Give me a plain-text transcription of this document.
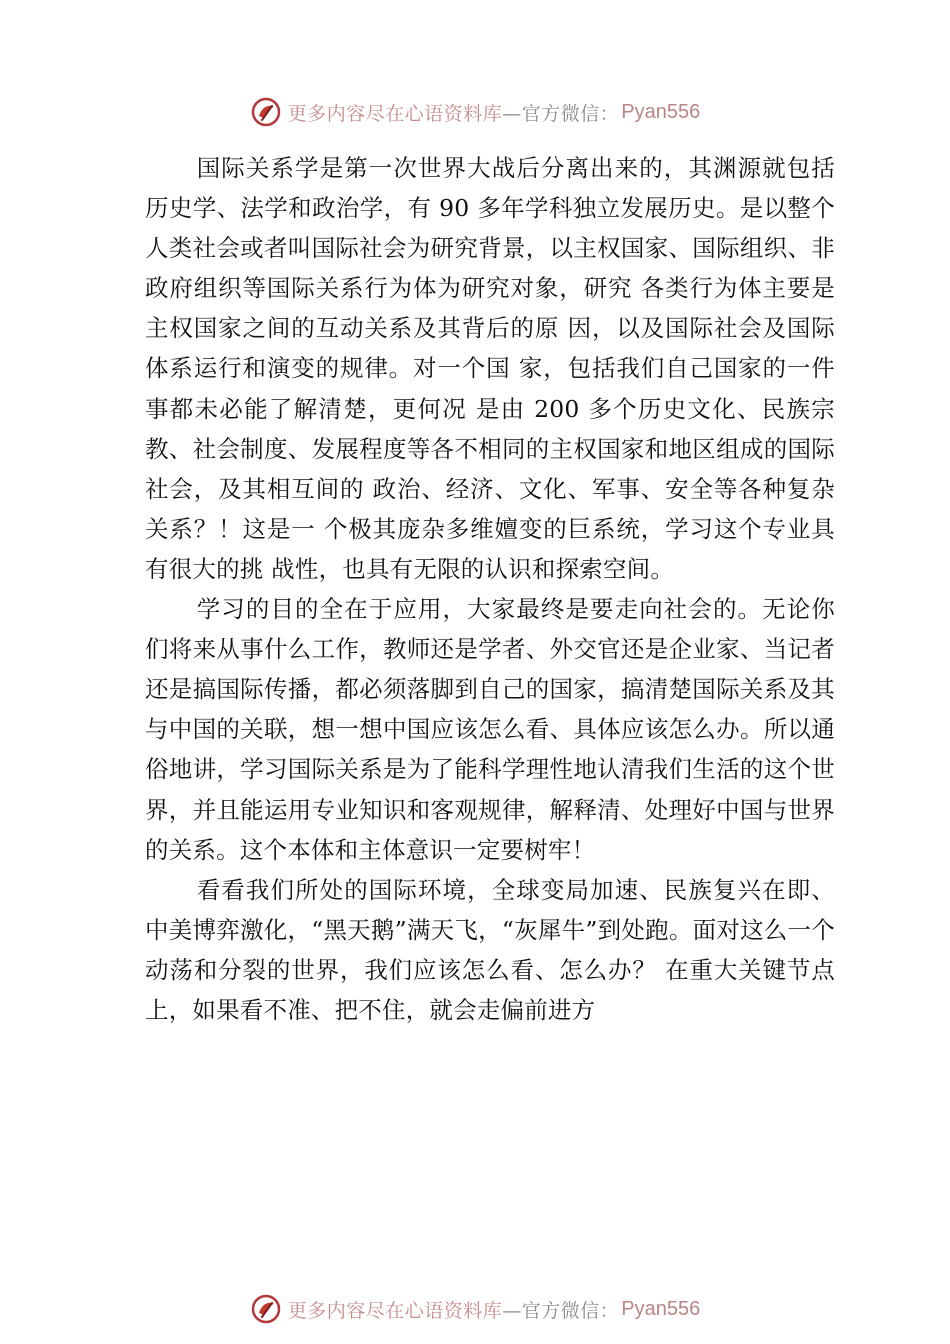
更多内容尽在心语资料库 —官方微信： Pyan556

国际关系学是第一次世界大战后分离出来的，其渊源就包括历史学、法学和政治学，有 90 多年学科独立发展历史。是以整个人类社会或者叫国际社会为研究背景，以主权国家、国际组织、非政府组织等国际关系行为体为研究对象，研究 各类行为体主要是主权国家之间的互动关系及其背后的原 因，以及国际社会及国际体系运行和演变的规律。对一个国 家，包括我们自己国家的一件事都未必能了解清楚，更何况 是由 200 多个历史文化、民族宗教、社会制度、发展程度等各不相同的主权国家和地区组成的国际社会，及其相互间的 政治、经济、文化、军事、安全等各种复杂关系？！这是一 个极其庞杂多维嬗变的巨系统，学习这个专业具有很大的挑 战性，也具有无限的认识和探索空间。

学习的目的全在于应用，大家最终是要走向社会的。无论你们将来从事什么工作，教师还是学者、外交官还是企业家、当记者还是搞国际传播，都必须落脚到自己的国家，搞清楚国际关系及其与中国的关联，想一想中国应该怎么看、具体应该怎么办。所以通俗地讲，学习国际关系是为了能科学理性地认清我们生活的这个世界，并且能运用专业知识和客观规律，解释清、处理好中国与世界的关系。这个本体和主体意识一定要树牢！

看看我们所处的国际环境，全球变局加速、民族复兴在即、中美博弈激化，“黑天鹅”满天飞，“灰犀牛”到处跑。面对这么一个动荡和分裂的世界，我们应该怎么看、怎么办？ 在重大关键节点上，如果看不准、把不住，就会走偏前进方

更多内容尽在心语资料库 —官方微信： Pyan556
